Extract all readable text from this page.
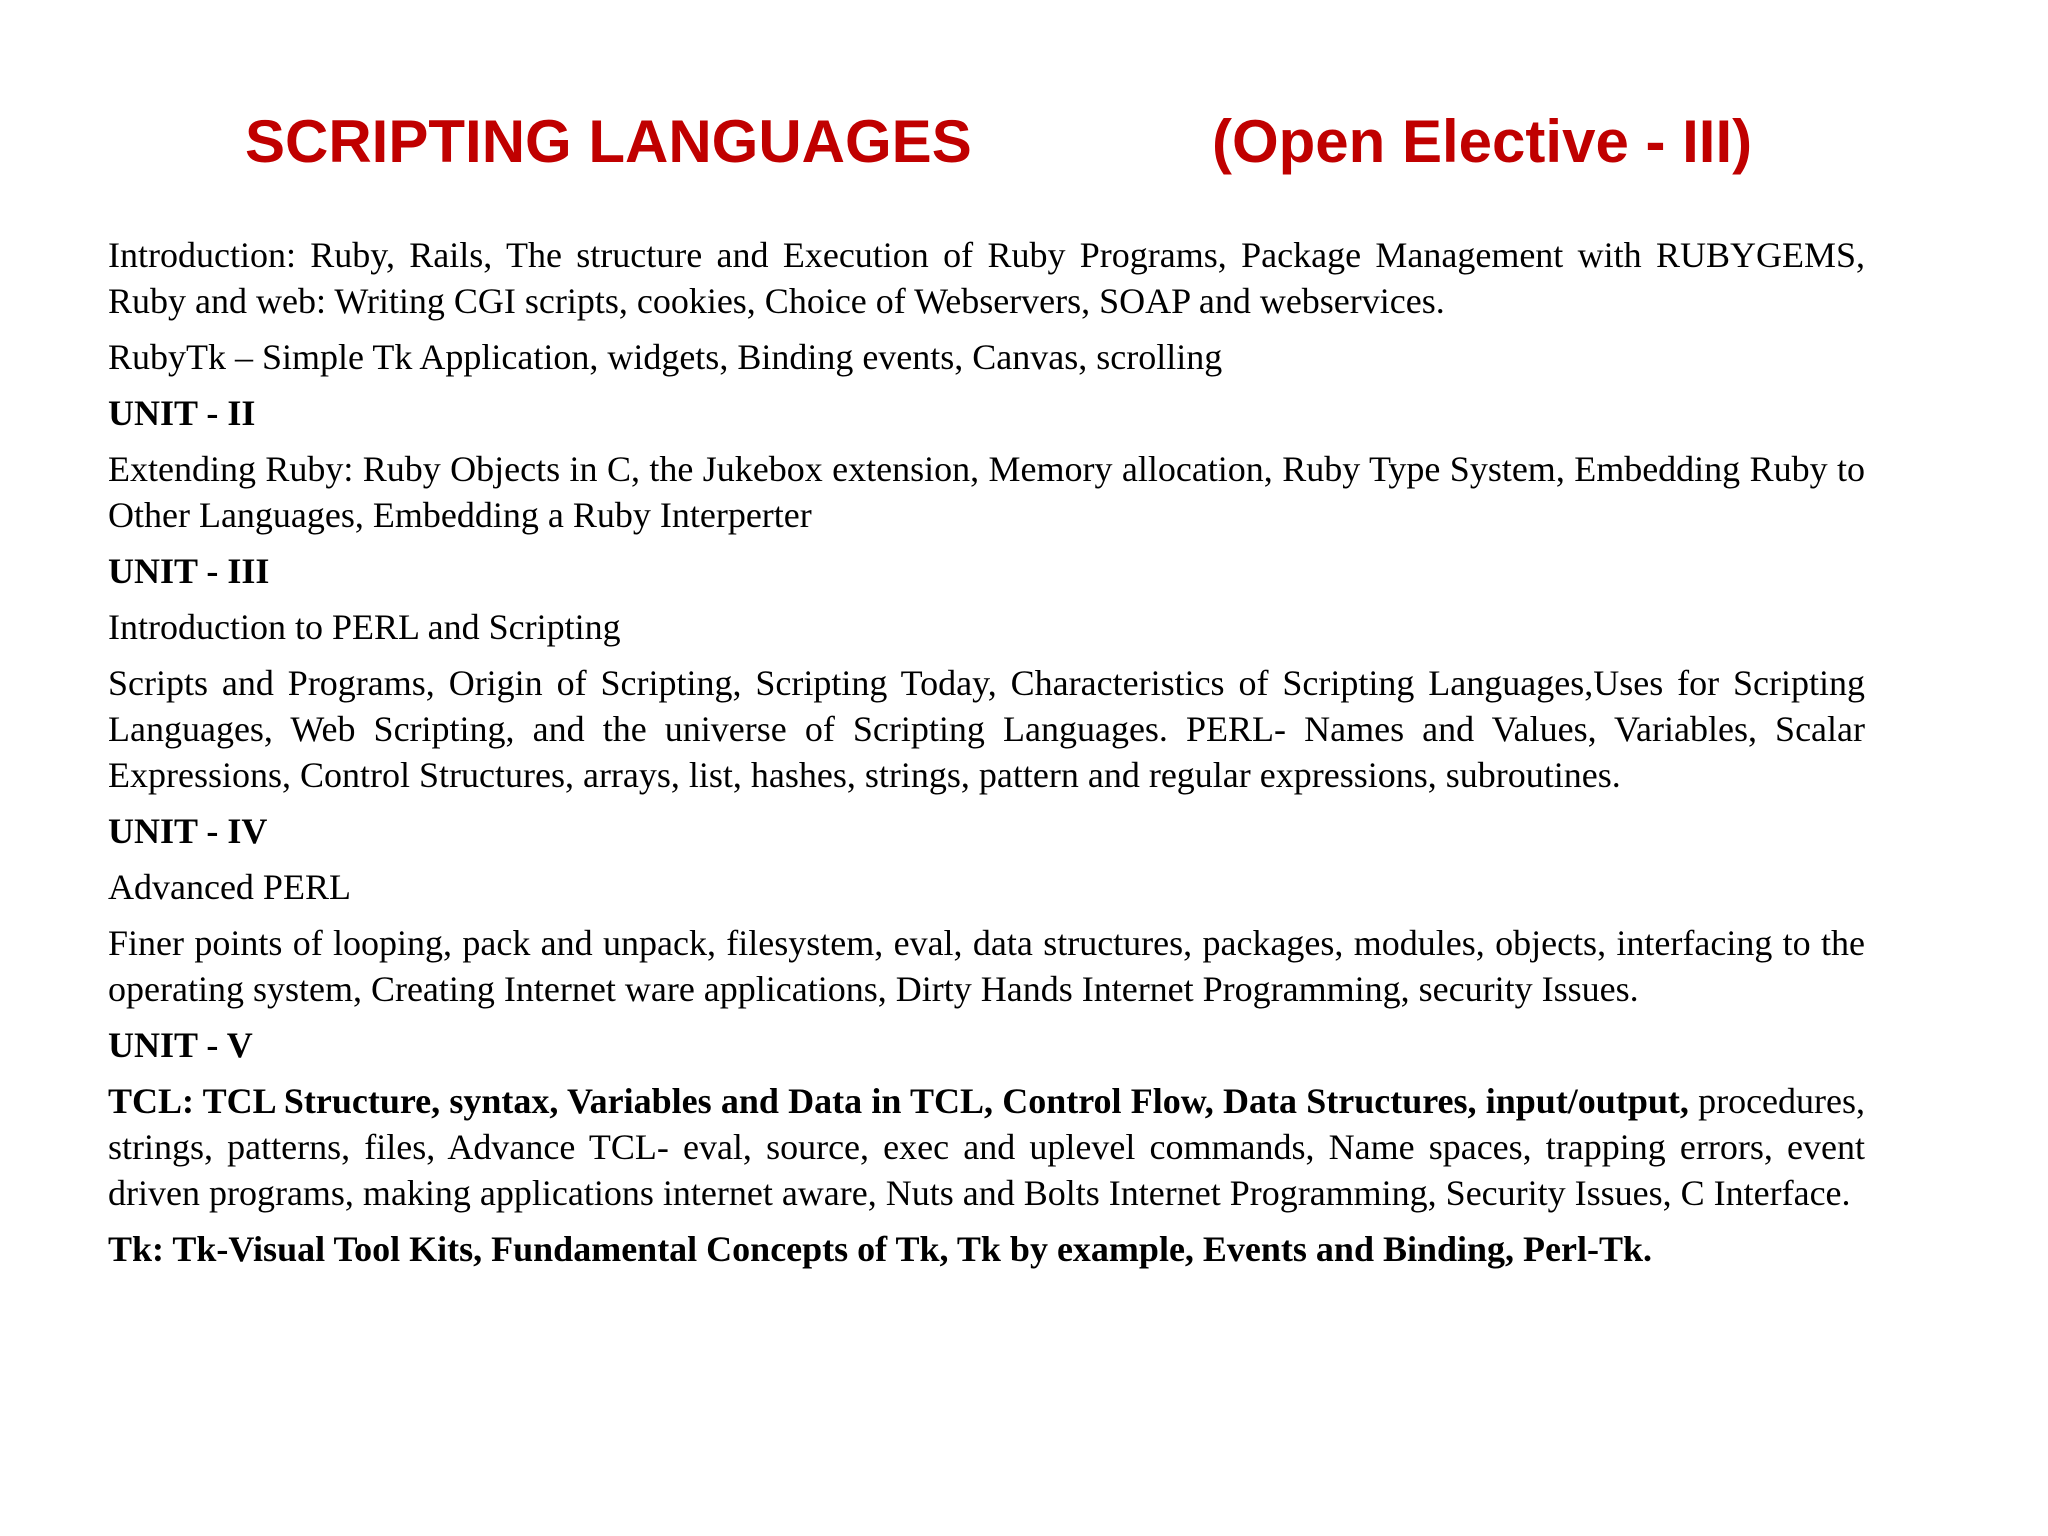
SCRIPTING LANGUAGES	(Open Elective - III)

Introduction: Ruby, Rails, The structure and Execution of Ruby Programs, Package Management with RUBYGEMS, Ruby and web: Writing CGI scripts, cookies, Choice of Webservers, SOAP and webservices.

RubyTk – Simple Tk Application, widgets, Binding events, Canvas, scrolling

UNIT - II

Extending Ruby: Ruby Objects in C, the Jukebox extension, Memory allocation, Ruby Type System, Embedding Ruby to Other Languages, Embedding a Ruby Interperter

UNIT - III

Introduction to PERL and Scripting

Scripts and Programs, Origin of Scripting, Scripting Today, Characteristics of Scripting Languages,Uses for Scripting Languages, Web Scripting, and the universe of Scripting Languages. PERL- Names and Values, Variables, Scalar Expressions, Control Structures, arrays, list, hashes, strings, pattern and regular expressions, subroutines.

UNIT - IV

Advanced PERL

Finer points of looping, pack and unpack, filesystem, eval, data structures, packages, modules, objects, interfacing to the operating system, Creating Internet ware applications, Dirty Hands Internet Programming, security Issues.

UNIT - V

TCL: TCL Structure, syntax, Variables and Data in TCL, Control Flow, Data Structures, input/output, procedures, strings, patterns, files, Advance TCL- eval, source, exec and uplevel commands, Name spaces, trapping errors, event driven programs, making applications internet aware, Nuts and Bolts Internet Programming, Security Issues, C Interface.

Tk: Tk-Visual Tool Kits, Fundamental Concepts of Tk, Tk by example, Events and Binding, Perl-Tk.
